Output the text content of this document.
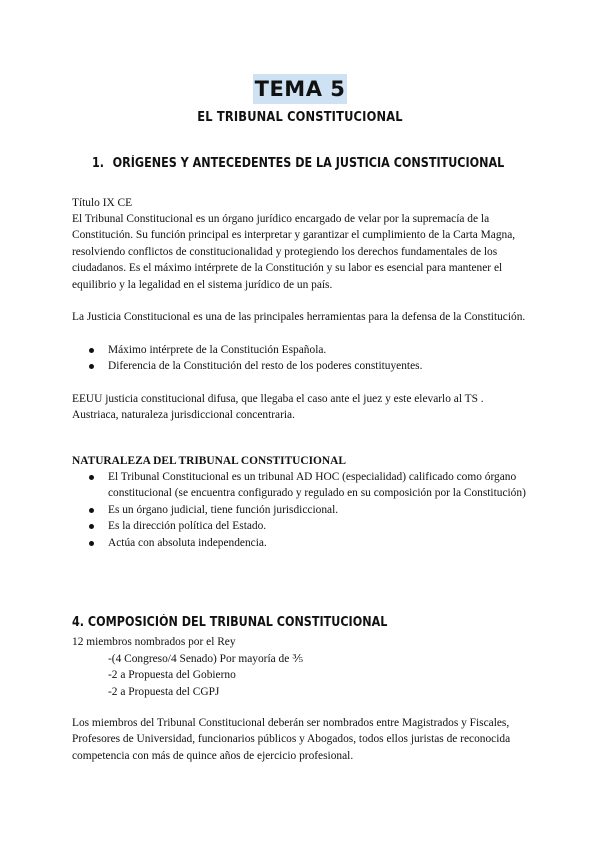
TEMA 5
EL TRIBUNAL CONSTITUCIONAL
1. ORÍGENES Y ANTECEDENTES DE LA JUSTICIA CONSTITUCIONAL
Título IX CE
El Tribunal Constitucional es un órgano jurídico encargado de velar por la supremacía de la Constitución. Su función principal es interpretar y garantizar el cumplimiento de la Carta Magna, resolviendo conflictos de constitucionalidad y protegiendo los derechos fundamentales de los ciudadanos. Es el máximo intérprete de la Constitución y su labor es esencial para mantener el equilibrio y la legalidad en el sistema jurídico de un país.
La Justicia Constitucional es una de las principales herramientas para la defensa de la Constitución.
Máximo intérprete de la Constitución Española.
Diferencia de la Constitución del resto de los poderes constituyentes.
EEUU justicia constitucional difusa, que llegaba el caso ante el juez y este elevarlo al TS . Austriaca, naturaleza jurisdiccional concentraria.
NATURALEZA DEL TRIBUNAL CONSTITUCIONAL
El Tribunal Constitucional es un tribunal AD HOC (especialidad) calificado como órgano constitucional (se encuentra configurado y regulado en su composición por la Constitución)
Es un órgano judicial, tiene función jurisdiccional.
Es la dirección política del Estado.
Actúa con absoluta independencia.
4. COMPOSICIÓN DEL TRIBUNAL CONSTITUCIONAL
12 miembros nombrados por el Rey
-(4 Congreso/4 Senado) Por mayoría de ⅗
-2 a Propuesta del Gobierno
-2 a Propuesta del CGPJ
Los miembros del Tribunal Constitucional deberán ser nombrados entre Magistrados y Fiscales, Profesores de Universidad, funcionarios públicos y Abogados, todos ellos juristas de reconocida competencia con más de quince años de ejercicio profesional.
